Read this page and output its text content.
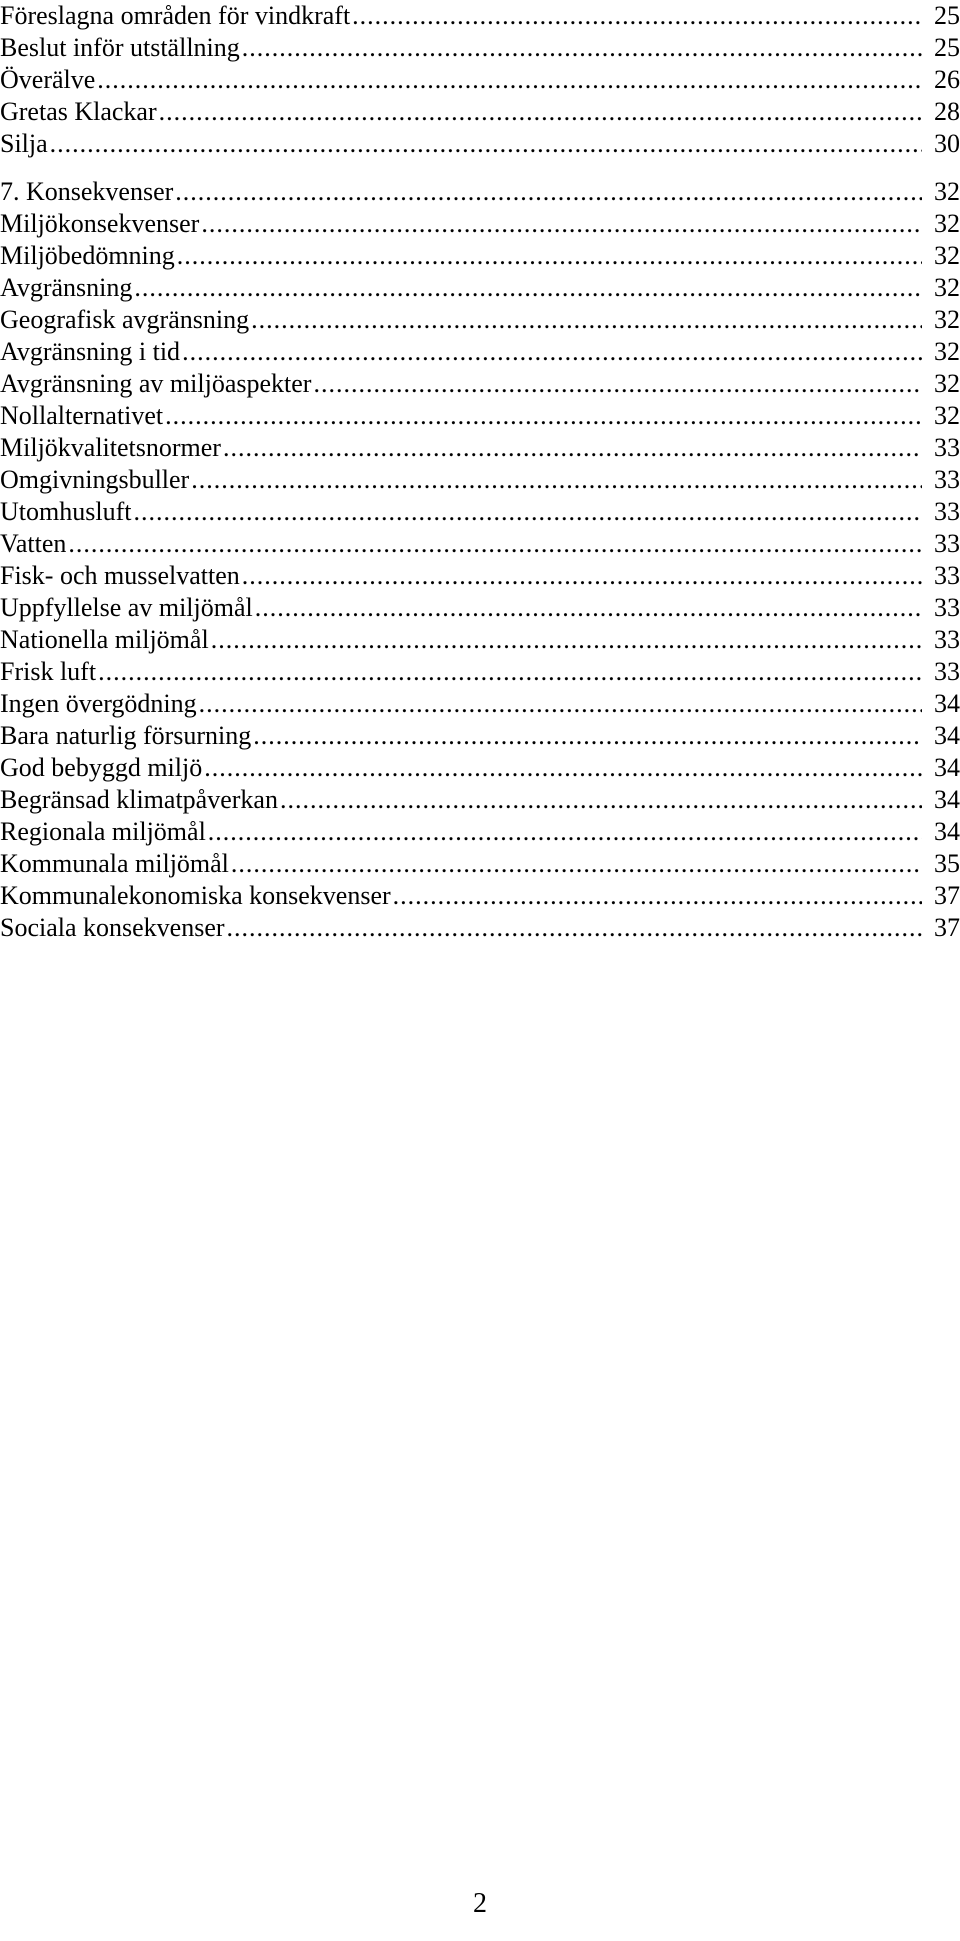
Föreslagna områden för vindkraft .....	25
Beslut inför utställning .....	25
Överälve .....	26
Gretas Klackar .....	28
Silja .....	30
7. Konsekvenser .....	32
Miljökonsekvenser .....	32
Miljöbedömning .....	32
Avgränsning .....	32
Geografisk avgränsning .....	32
Avgränsning i tid .....	32
Avgränsning av miljöaspekter .....	32
Nollalternativet .....	32
Miljökvalitetsnormer .....	33
Omgivningsbuller .....	33
Utomhusluft .....	33
Vatten .....	33
Fisk- och musselvatten .....	33
Uppfyllelse av miljömål .....	33
Nationella miljömål .....	33
Frisk luft .....	33
Ingen övergödning .....	34
Bara naturlig försurning .....	34
God bebyggd miljö .....	34
Begränsad klimatpåverkan .....	34
Regionala miljömål .....	34
Kommunala miljömål .....	35
Kommunalekonomiska konsekvenser .....	37
Sociala konsekvenser .....	37
2
